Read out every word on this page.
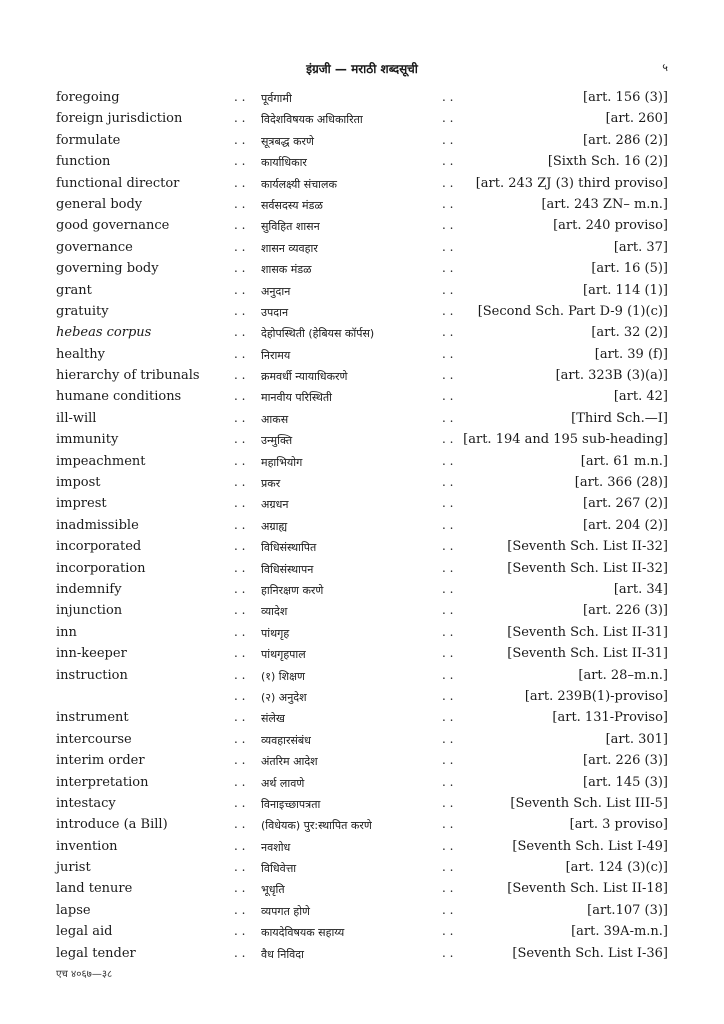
इंग्रजी — मराठी शब्दसूची	५
foregoing	. . पूर्वगामी	. .	[art. 156 (3)]
foreign jurisdiction	. . विदेशविषयक अधिकारिता	. .	[art. 260]
formulate	. . सूत्रबद्ध करणे	. .	[art. 286 (2)]
function	. . कार्याधिकार	. .	[Sixth Sch. 16 (2)]
functional director	. . कार्यलक्ष्यी संचालक	. . [art. 243 ZJ (3) third proviso]
general body	. . सर्वसदस्य मंडळ	. .	[art. 243 ZN– m.n.]
good governance	. . सुविहित शासन	. .	[art. 240 proviso]
governance	. . शासन व्यवहार	. .	[art. 37]
governing body	. . शासक मंडळ	. .	[art. 16 (5)]
grant	. . अनुदान	. .	[art. 114 (1)]
gratuity	. . उपदान	. . [Second Sch. Part D-9 (1)(c)]
hebeas corpus	. . देहोपस्थिती (हेबियस कॉर्पस)	. .	[art. 32 (2)]
healthy	. . निरामय	. .	[art. 39 (f)]
hierarchy of tribunals	. . क्रमवर्धी न्यायाधिकरणे	. .	[art. 323B (3)(a)]
humane conditions	. . मानवीय परिस्थिती	. .	[art. 42]
ill-will	. . आकस	. .	[Third Sch.—I]
immunity	. . उन्मुक्ति	. . [art. 194 and 195 sub-heading]
impeachment	. . महाभियोग	. .	[art. 61 m.n.]
impost	. . प्रकर	. .	[art. 366 (28)]
imprest	. . अग्रधन	. .	[art. 267 (2)]
inadmissible	. . अग्राह्य	. .	[art. 204 (2)]
incorporated	. . विधिसंस्थापित	. .	[Seventh Sch. List II-32]
incorporation	. . विधिसंस्थापन	. .	[Seventh Sch. List II-32]
indemnify	. . हानिरक्षण करणे	. .	[art. 34]
injunction	. . व्यादेश	. .	[art. 226 (3)]
inn	. . पांथगृह	. .	[Seventh Sch. List II-31]
inn-keeper	. . पांथगृहपाल	. .	[Seventh Sch. List II-31]
instruction	. . (१) शिक्षण	. .	[art. 28–m.n.]
. . (२) अनुदेश	. .	[art. 239B(1)-proviso]
instrument	. . संलेख	. .	[art. 131-Proviso]
intercourse	. . व्यवहारसंबंध	. .	[art. 301]
interim order	. . अंतरिम आदेश	. .	[art. 226 (3)]
interpretation	. . अर्थ लावणे	. .	[art. 145 (3)]
intestacy	. . विनाइच्छापत्रता	. .	[Seventh Sch. List III-5]
introduce (a Bill)	. . (विधेयक) पुर:स्थापित करणे	. .	[art. 3 proviso]
invention	. . नवशोध	. .	[Seventh Sch. List I-49]
jurist	. . विधिवेत्ता	. .	[art. 124 (3)(c)]
land tenure	. . भूधृति	. .	[Seventh Sch. List II-18]
lapse	. . व्यपगत होणे	. .	[art.107 (3)]
legal aid	. . कायदेविषयक सहाय्य	. .	[art. 39A-m.n.]
legal tender	. . वैध निविदा	. .	[Seventh Sch. List I-36]
एच ४०६७—३८
